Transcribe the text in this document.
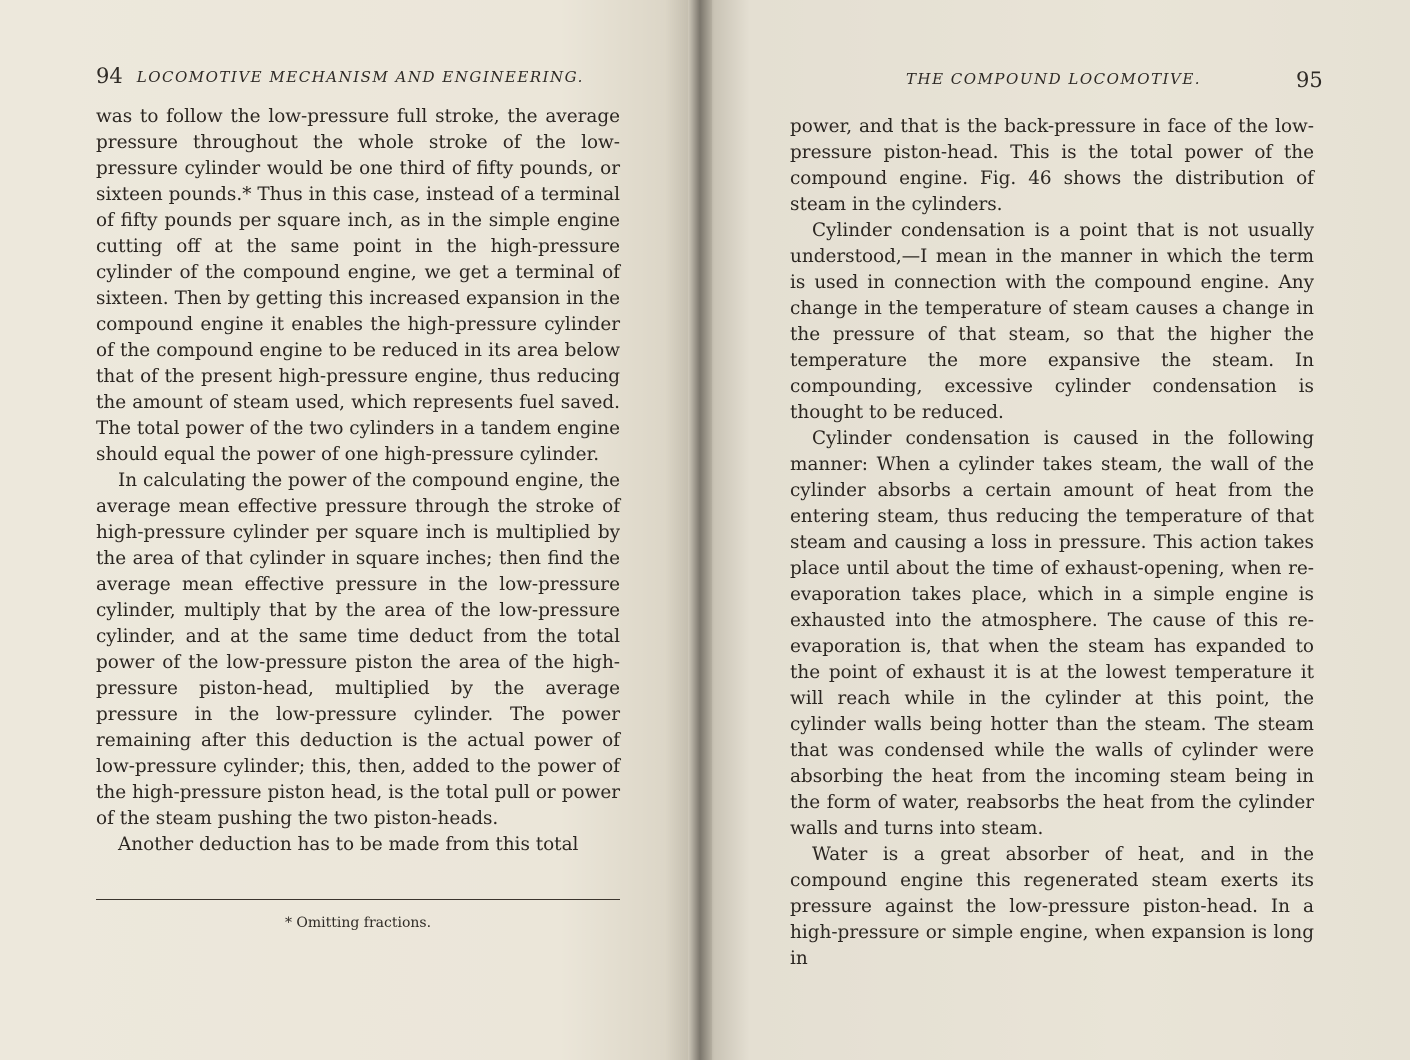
94 LOCOMOTIVE MECHANISM AND ENGINEERING.

was to follow the low-pressure full stroke, the average pressure throughout the whole stroke of the low-pressure cylinder would be one third of fifty pounds, or sixteen pounds.* Thus in this case, instead of a terminal of fifty pounds per square inch, as in the simple engine cutting off at the same point in the high-pressure cylinder of the compound engine, we get a terminal of sixteen. Then by getting this increased expansion in the compound engine it enables the high-pressure cylinder of the compound engine to be reduced in its area below that of the present high-pressure engine, thus reducing the amount of steam used, which represents fuel saved. The total power of the two cylinders in a tandem engine should equal the power of one high-pressure cylinder.

In calculating the power of the compound engine, the average mean effective pressure through the stroke of high-pressure cylinder per square inch is multiplied by the area of that cylinder in square inches; then find the average mean effective pressure in the low-pressure cylinder, multiply that by the area of the low-pressure cylinder, and at the same time deduct from the total power of the low-pressure piston the area of the high-pressure piston-head, multiplied by the average pressure in the low-pressure cylinder. The power remaining after this deduction is the actual power of low-pressure cylinder; this, then, added to the power of the high-pressure piston head, is the total pull or power of the steam pushing the two piston-heads.

Another deduction has to be made from this total

* Omitting fractions.
THE COMPOUND LOCOMOTIVE.	95

power, and that is the back-pressure in face of the low-pressure piston-head. This is the total power of the compound engine. Fig. 46 shows the distribution of steam in the cylinders.

Cylinder condensation is a point that is not usually understood,—I mean in the manner in which the term is used in connection with the compound engine. Any change in the temperature of steam causes a change in the pressure of that steam, so that the higher the temperature the more expansive the steam. In compounding, excessive cylinder condensation is thought to be reduced.

Cylinder condensation is caused in the following manner: When a cylinder takes steam, the wall of the cylinder absorbs a certain amount of heat from the entering steam, thus reducing the temperature of that steam and causing a loss in pressure. This action takes place until about the time of exhaust-opening, when re-evaporation takes place, which in a simple engine is exhausted into the atmosphere. The cause of this re-evaporation is, that when the steam has expanded to the point of exhaust it is at the lowest temperature it will reach while in the cylinder at this point, the cylinder walls being hotter than the steam. The steam that was condensed while the walls of cylinder were absorbing the heat from the incoming steam being in the form of water, reabsorbs the heat from the cylinder walls and turns into steam.

Water is a great absorber of heat, and in the compound engine this regenerated steam exerts its pressure against the low-pressure piston-head. In a high-pressure or simple engine, when expansion is long in
